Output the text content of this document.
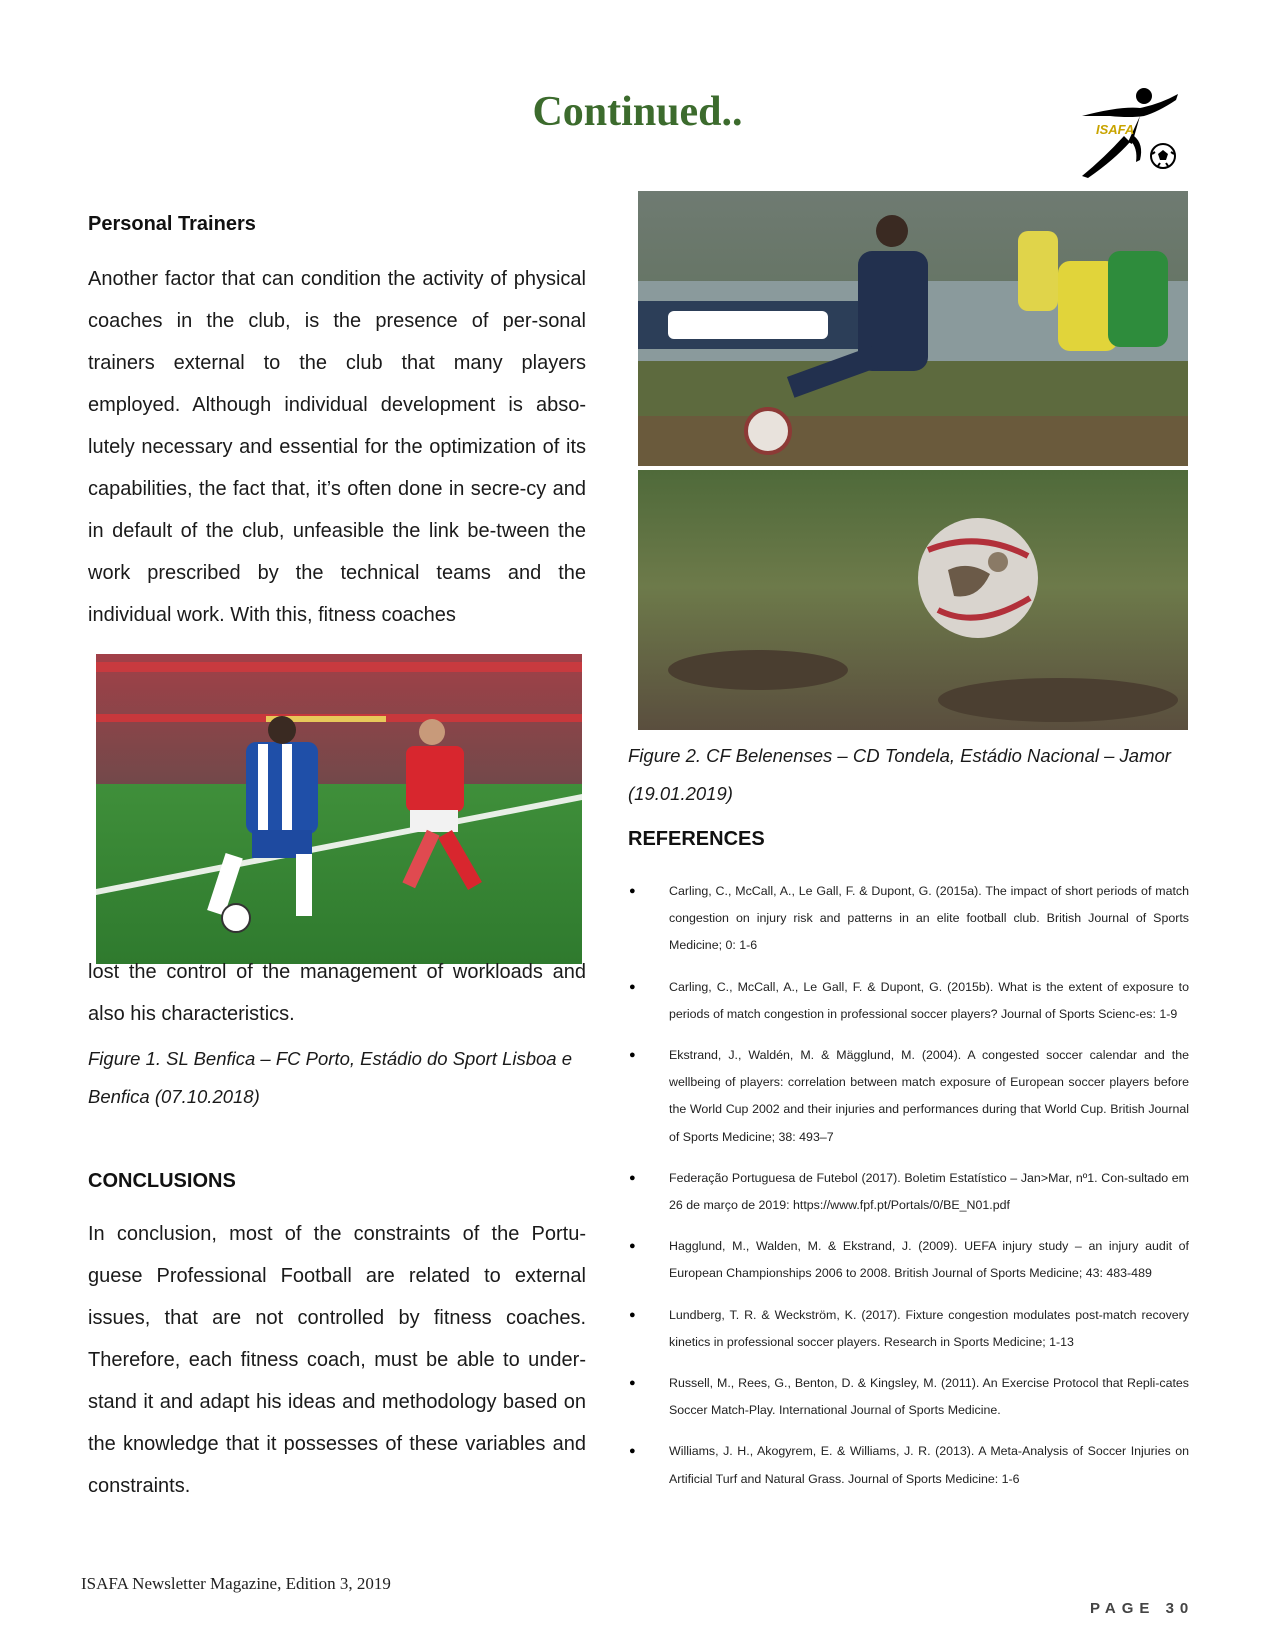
Continued..	ISAFA
Personal Trainers

Another factor that can condition the activity of physical coaches in the club, is the presence of per-sonal trainers external to the club that many players employed. Although individual development is abso-lutely necessary and essential for the optimization of its capabilities, the fact that, it’s often done in secre-cy and in default of the club, unfeasible the link be-tween the work prescribed by the technical teams and the individual work. With this, fitness coaches

lost the control of the management of workloads and also his characteristics.

Figure 1. SL Benfica – FC Porto, Estádio do Sport Lisboa e Benfica (07.10.2018)

CONCLUSIONS

In conclusion, most of the constraints of the Portu-guese Professional Football are related to external issues, that are not controlled by fitness coaches. Therefore, each fitness coach, must be able to under-stand it and adapt his ideas and methodology based on the knowledge that it possesses of these variables and constraints.

Figure 2. CF Belenenses – CD Tondela, Estádio Nacional – Jamor (19.01.2019)

REFERENCES
● Carling, C., McCall, A., Le Gall, F. & Dupont, G. (2015a). The impact of short periods of match congestion on injury risk and patterns in an elite football club. British Journal of Sports Medicine; 0: 1-6
● Carling, C., McCall, A., Le Gall, F. & Dupont, G. (2015b). What is the extent of exposure to periods of match congestion in professional soccer players? Journal of Sports Scienc-es: 1-9
● Ekstrand, J., Waldén, M. & Mägglund, M. (2004). A congested soccer calendar and the wellbeing of players: correlation between match exposure of European soccer players before the World Cup 2002 and their injuries and performances during that World Cup. British Journal of Sports Medicine; 38: 493–7
● Federação Portuguesa de Futebol (2017). Boletim Estatístico – Jan>Mar, nº1. Con-sultado em 26 de março de 2019: https://www.fpf.pt/Portals/0/BE_N01.pdf
● Hagglund, M., Walden, M. & Ekstrand, J. (2009). UEFA injury study – an injury audit of European Championships 2006 to 2008. British Journal of Sports Medicine; 43: 483-489
● Lundberg, T. R. & Weckström, K. (2017). Fixture congestion modulates post-match recovery kinetics in professional soccer players. Research in Sports Medicine; 1-13
● Russell, M., Rees, G., Benton, D. & Kingsley, M. (2011). An Exercise Protocol that Repli-cates Soccer Match-Play. International Journal of Sports Medicine.
● Williams, J. H., Akogyrem, E. & Williams, J. R. (2013). A Meta-Analysis of Soccer Injuries on Artificial Turf and Natural Grass. Journal of Sports Medicine: 1-6
ISAFA Newsletter Magazine, Edition 3, 2019
PAGE 30
